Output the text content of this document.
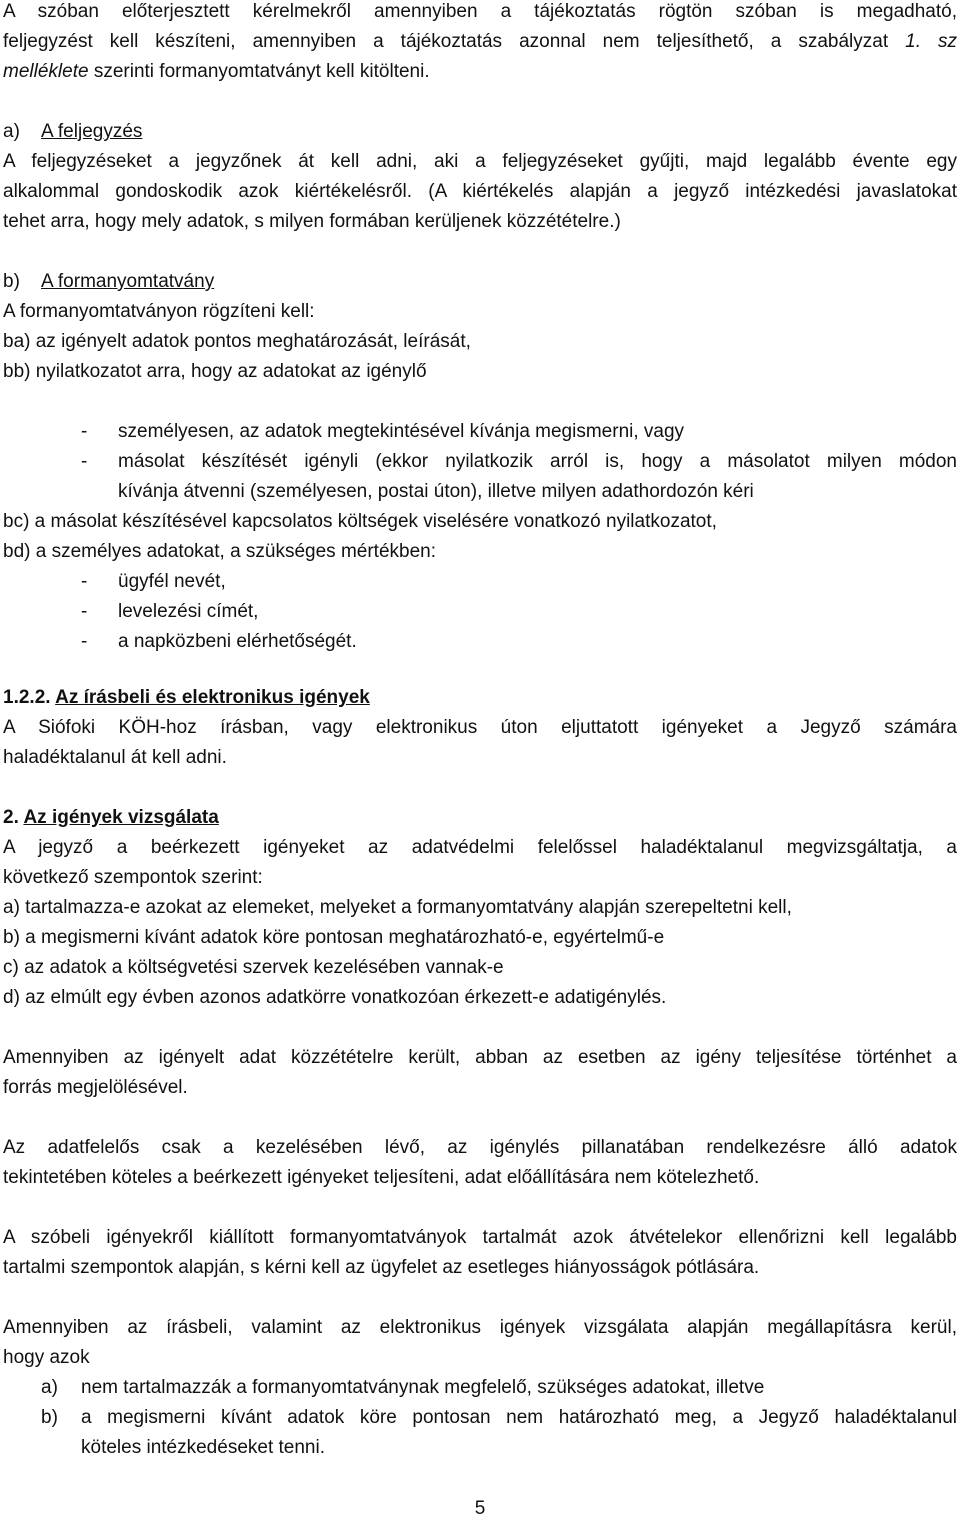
A szóban előterjesztett kérelmekről amennyiben a tájékoztatás rögtön szóban is megadható,
feljegyzést kell készíteni, amennyiben a tájékoztatás azonnal nem teljesíthető, a szabályzat 1. sz
melléklete szerinti formanyomtatványt kell kitölteni.
a) A feljegyzés
A feljegyzéseket a jegyzőnek át kell adni, aki a feljegyzéseket gyűjti, majd legalább évente egy
alkalommal gondoskodik azok kiértékelésről. (A kiértékelés alapján a jegyző intézkedési javaslatokat
tehet arra, hogy mely adatok, s milyen formában kerüljenek közzétételre.)
b) A formanyomtatvány
A formanyomtatványon rögzíteni kell:
ba) az igényelt adatok pontos meghatározását, leírását,
bb) nyilatkozatot arra, hogy az adatokat az igénylő
- személyesen, az adatok megtekintésével kívánja megismerni, vagy
- másolat készítését igényli (ekkor nyilatkozik arról is, hogy a másolatot milyen módon
kívánja átvenni (személyesen, postai úton), illetve milyen adathordozón kéri
bc) a másolat készítésével kapcsolatos költségek viselésére vonatkozó nyilatkozatot,
bd) a személyes adatokat, a szükséges mértékben:
- ügyfél nevét,
- levelezési címét,
- a napközbeni elérhetőségét.
1.2.2. Az írásbeli és elektronikus igények
A Siófoki KÖH-hoz írásban, vagy elektronikus úton eljuttatott igényeket a Jegyző számára
haladéktalanul át kell adni.
2. Az igények vizsgálata
A jegyző a beérkezett igényeket az adatvédelmi felelőssel haladéktalanul megvizsgáltatja, a
következő szempontok szerint:
a) tartalmazza-e azokat az elemeket, melyeket a formanyomtatvány alapján szerepeltetni kell,
b) a megismerni kívánt adatok köre pontosan meghatározható-e, egyértelmű-e
c) az adatok a költségvetési szervek kezelésében vannak-e
d) az elmúlt egy évben azonos adatkörre vonatkozóan érkezett-e adatigénylés.
Amennyiben az igényelt adat közzétételre került, abban az esetben az igény teljesítése történhet a
forrás megjelölésével.
Az adatfelelős csak a kezelésében lévő, az igénylés pillanatában rendelkezésre álló adatok
tekintetében köteles a beérkezett igényeket teljesíteni, adat előállítására nem kötelezhető.
A szóbeli igényekről kiállított formanyomtatványok tartalmát azok átvételekor ellenőrizni kell legalább
tartalmi szempontok alapján, s kérni kell az ügyfelet az esetleges hiányosságok pótlására.
Amennyiben az írásbeli, valamint az elektronikus igények vizsgálata alapján megállapításra kerül,
hogy azok
a) nem tartalmazzák a formanyomtatványnak megfelelő, szükséges adatokat, illetve
b) a megismerni kívánt adatok köre pontosan nem határozható meg, a Jegyző haladéktalanul
köteles intézkedéseket tenni.
5
